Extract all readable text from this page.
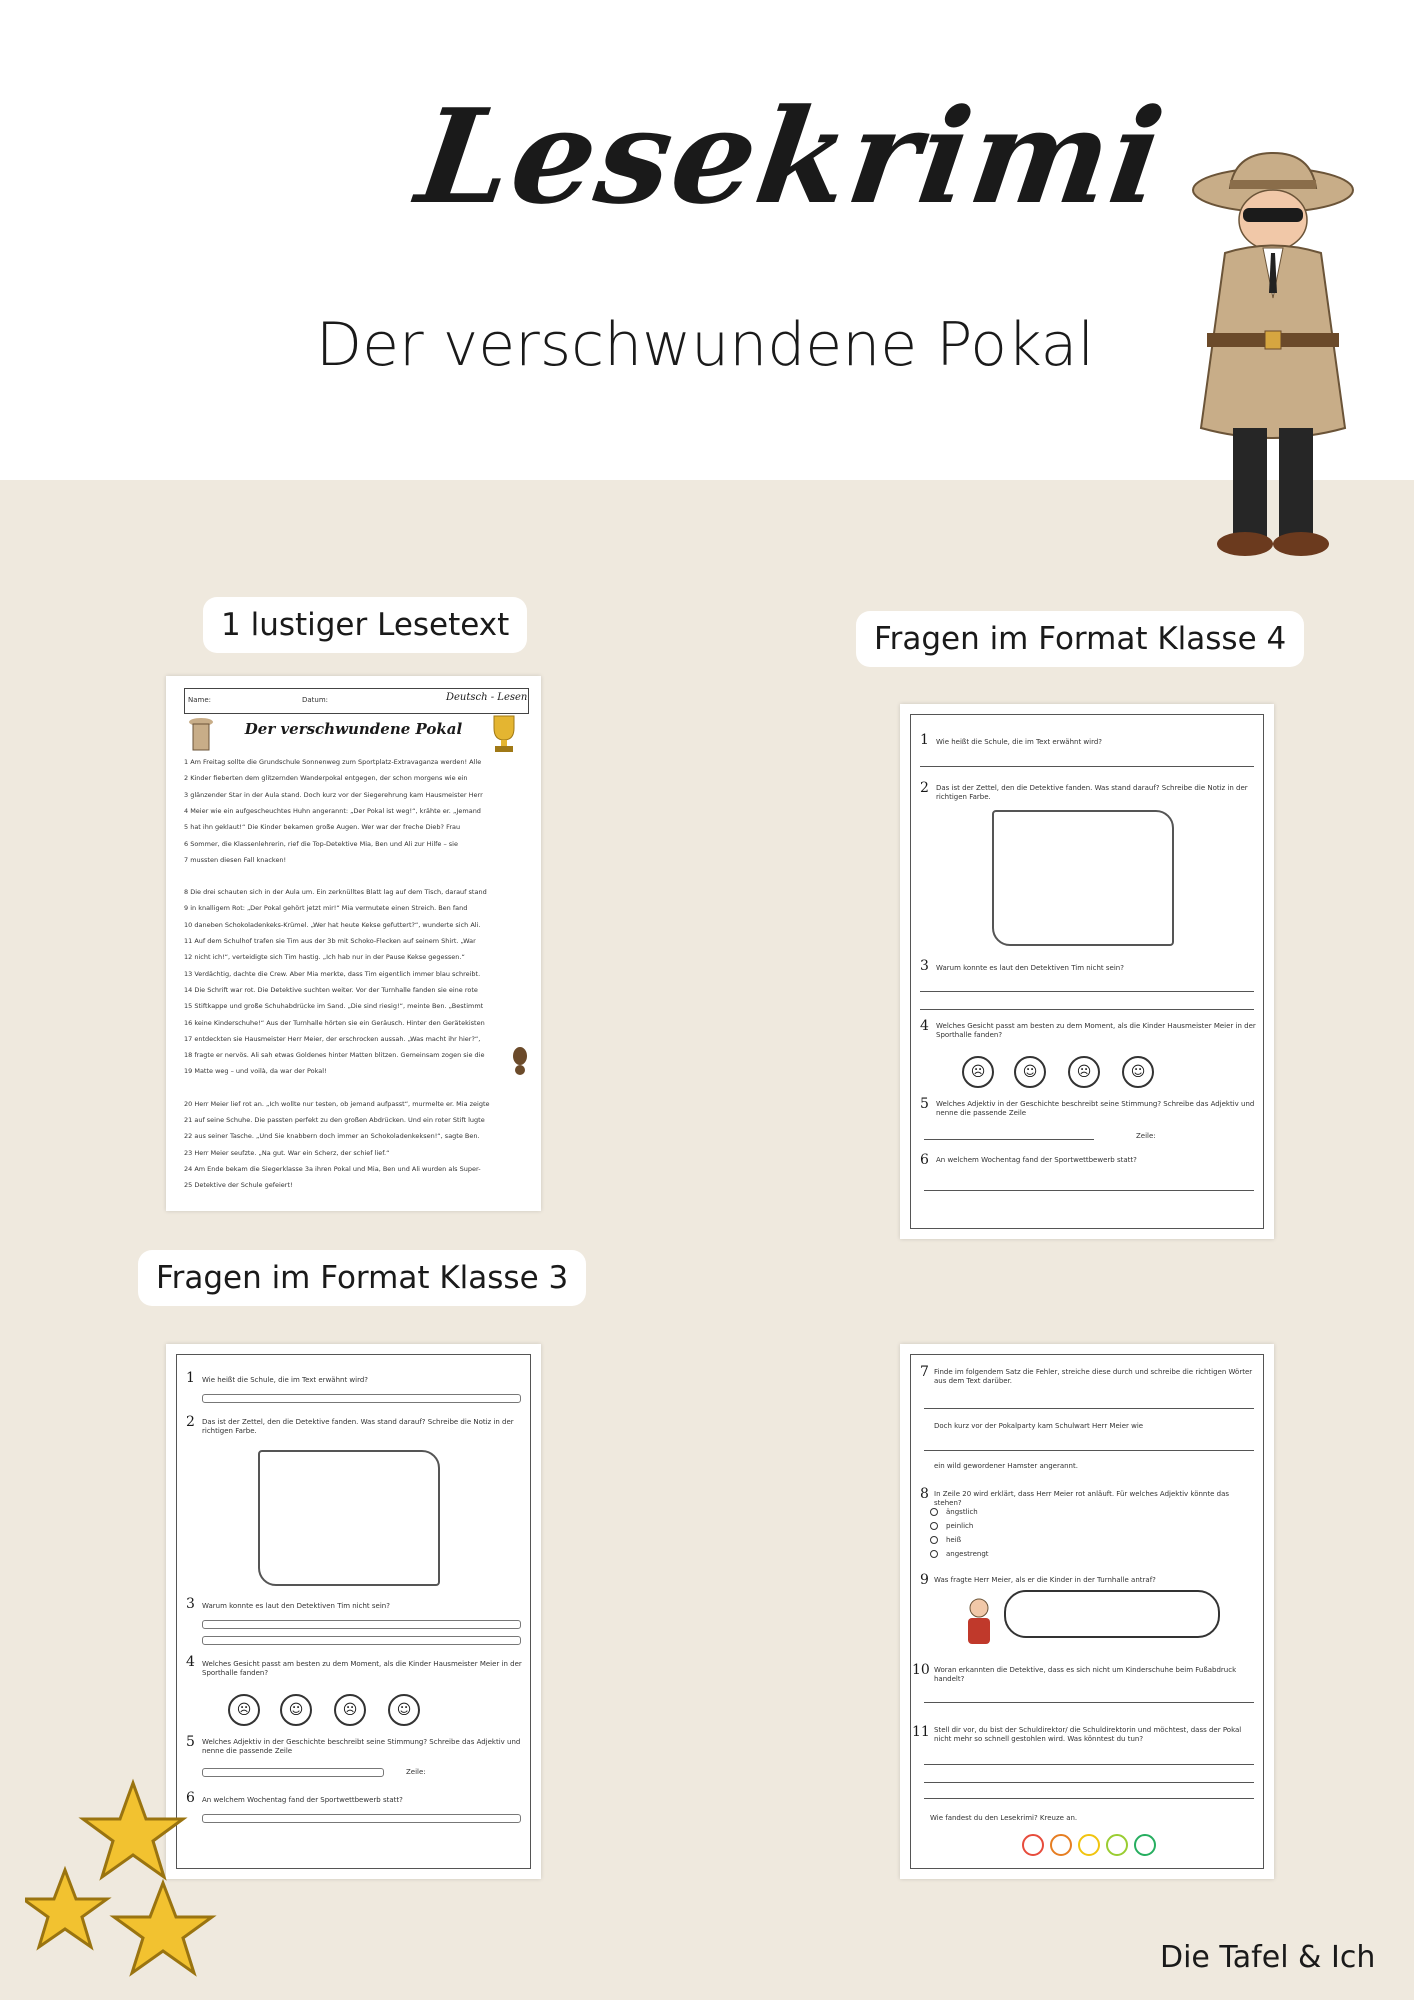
Lesekrimi
Der verschwundene Pokal
1 lustiger Lesetext	Fragen im Format Klasse 4
Fragen im Format Klasse 3
Name:	Datum:	Deutsch - Lesen
Der verschwundene Pokal
1 Am Freitag sollte die Grundschule Sonnenweg zum Sportplatz-Extravaganza werden! Alle
2 Kinder fieberten dem glitzernden Wanderpokal entgegen, der schon morgens wie ein
3 glänzender Star in der Aula stand. Doch kurz vor der Siegerehrung kam Hausmeister Herr
4 Meier wie ein aufgescheuchtes Huhn angerannt: „Der Pokal ist weg!“, krähte er. „Jemand
5 hat ihn geklaut!“ Die Kinder bekamen große Augen. Wer war der freche Dieb? Frau
6 Sommer, die Klassenlehrerin, rief die Top-Detektive Mia, Ben und Ali zur Hilfe – sie
7 mussten diesen Fall knacken!
8 Die drei schauten sich in der Aula um. Ein zerknülltes Blatt lag auf dem Tisch, darauf stand
9 in knalligem Rot: „Der Pokal gehört jetzt mir!“ Mia vermutete einen Streich. Ben fand
10 daneben Schokoladenkeks-Krümel. „Wer hat heute Kekse gefuttert?“, wunderte sich Ali.
11 Auf dem Schulhof trafen sie Tim aus der 3b mit Schoko-Flecken auf seinem Shirt. „War
12 nicht ich!“, verteidigte sich Tim hastig. „Ich hab nur in der Pause Kekse gegessen.“
13 Verdächtig, dachte die Crew. Aber Mia merkte, dass Tim eigentlich immer blau schreibt.
14 Die Schrift war rot. Die Detektive suchten weiter. Vor der Turnhalle fanden sie eine rote
15 Stiftkappe und große Schuhabdrücke im Sand. „Die sind riesig!“, meinte Ben. „Bestimmt
16 keine Kinderschuhe!“ Aus der Turnhalle hörten sie ein Geräusch. Hinter den Gerätekisten
17 entdeckten sie Hausmeister Herr Meier, der erschrocken aussah. „Was macht ihr hier?“,
18 fragte er nervös. Ali sah etwas Goldenes hinter Matten blitzen. Gemeinsam zogen sie die
19 Matte weg – und voilà, da war der Pokal!
20 Herr Meier lief rot an. „Ich wollte nur testen, ob jemand aufpasst“, murmelte er. Mia zeigte
21 auf seine Schuhe. Die passten perfekt zu den großen Abdrücken. Und ein roter Stift lugte
22 aus seiner Tasche. „Und Sie knabbern doch immer an Schokoladenkeksen!“, sagte Ben.
23 Herr Meier seufzte. „Na gut. War ein Scherz, der schief lief.“
24 Am Ende bekam die Siegerklasse 3a ihren Pokal und Mia, Ben und Ali wurden als Super-
25 Detektive der Schule gefeiert!
1 Wie heißt die Schule, die im Text erwähnt wird?
2 Das ist der Zettel, den die Detektive fanden. Was stand darauf? Schreibe die Notiz in der richtigen Farbe.
3 Warum konnte es laut den Detektiven Tim nicht sein?
4 Welches Gesicht passt am besten zu dem Moment, als die Kinder Hausmeister Meier in der Sporthalle fanden?
☹	☺	☹	☺
5 Welches Adjektiv in der Geschichte beschreibt seine Stimmung? Schreibe das Adjektiv und nenne die passende Zeile
Zeile:
6 An welchem Wochentag fand der Sportwettbewerb statt?
1 Wie heißt die Schule, die im Text erwähnt wird?
2 Das ist der Zettel, den die Detektive fanden. Was stand darauf? Schreibe die Notiz in der richtigen Farbe.
3 Warum konnte es laut den Detektiven Tim nicht sein?
4 Welches Gesicht passt am besten zu dem Moment, als die Kinder Hausmeister Meier in der Sporthalle fanden?
☹	☺	☹	☺
5 Welches Adjektiv in der Geschichte beschreibt seine Stimmung? Schreibe das Adjektiv und nenne die passende Zeile
Zeile:
6 An welchem Wochentag fand der Sportwettbewerb statt?
7 Finde im folgendem Satz die Fehler, streiche diese durch und schreibe die richtigen Wörter aus dem Text darüber.
Doch kurz vor der Pokalparty kam Schulwart Herr Meier wie
ein wild gewordener Hamster angerannt.
8 In Zeile 20 wird erklärt, dass Herr Meier rot anläuft. Für welches Adjektiv könnte das stehen?
ängstlich
peinlich
heiß
angestrengt
9 Was fragte Herr Meier, als er die Kinder in der Turnhalle antraf?
10 Woran erkannten die Detektive, dass es sich nicht um Kinderschuhe beim Fußabdruck handelt?
11 Stell dir vor, du bist der Schuldirektor/ die Schuldirektorin und möchtest, dass der Pokal nicht mehr so schnell gestohlen wird. Was könntest du tun?
Wie fandest du den Lesekrimi? Kreuze an.
Die Tafel & Ich
